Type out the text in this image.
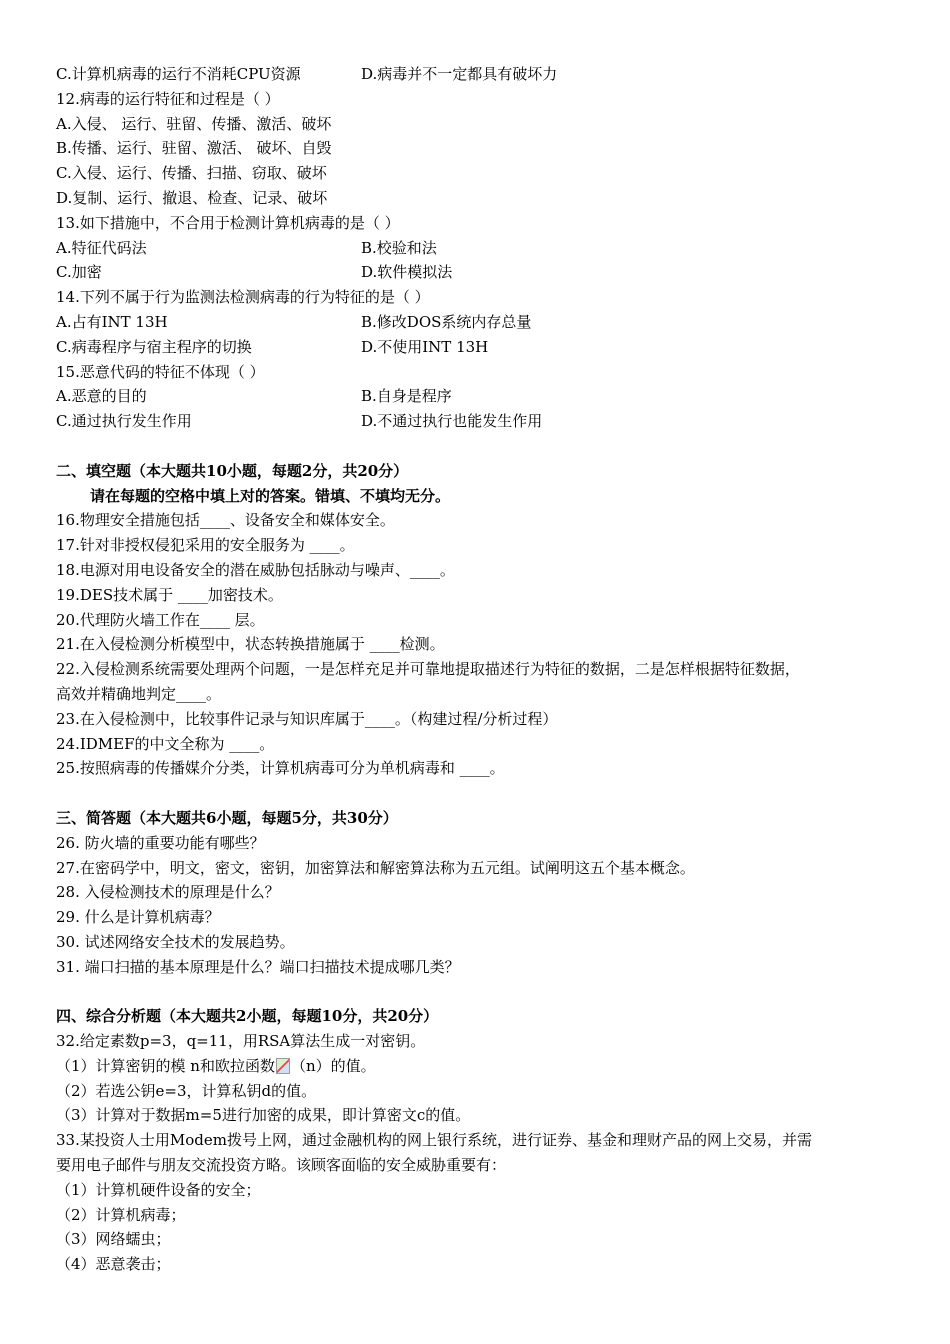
C.计算机病毒的运行不消耗CPU资源	D.病毒并不一定都具有破坏力
12.病毒的运行特征和过程是（ ）
A.入侵、 运行、驻留、传播、激活、破坏
B.传播、运行、驻留、激活、 破坏、自毁
C.入侵、运行、传播、扫描、窃取、破坏
D.复制、运行、撤退、检查、记录、破坏
13.如下措施中，不合用于检测计算机病毒的是（ ）
A.特征代码法	B.校验和法
C.加密	D.软件模拟法
14.下列不属于行为监测法检测病毒的行为特征的是（ ）
A.占有INT 13H	B.修改DOS系统内存总量
C.病毒程序与宿主程序的切换	D.不使用INT 13H
15.恶意代码的特征不体现（ ）
A.恶意的目的	B.自身是程序
C.通过执行发生作用	D.不通过执行也能发生作用
二、填空题（本大题共10小题，每题2分，共20分）
请在每题的空格中填上对的答案。错填、不填均无分。
16.物理安全措施包括____、设备安全和媒体安全。
17.针对非授权侵犯采用的安全服务为 ____。
18.电源对用电设备安全的潜在威胁包括脉动与噪声、____。
19.DES技术属于 ____加密技术。
20.代理防火墙工作在____ 层。
21.在入侵检测分析模型中，状态转换措施属于 ____检测。
22.入侵检测系统需要处理两个问题，一是怎样充足并可靠地提取描述行为特征的数据，二是怎样根据特征数据，
高效并精确地判定____。
23.在入侵检测中，比较事件记录与知识库属于____。（构建过程/分析过程）
24.IDMEF的中文全称为 ____。
25.按照病毒的传播媒介分类，计算机病毒可分为单机病毒和 ____。
三、简答题（本大题共6小题，每题5分，共30分）
26. 防火墙的重要功能有哪些？
27.在密码学中，明文，密文，密钥，加密算法和解密算法称为五元组。试阐明这五个基本概念。
28. 入侵检测技术的原理是什么？
29. 什么是计算机病毒？
30. 试述网络安全技术的发展趋势。
31. 端口扫描的基本原理是什么？端口扫描技术提成哪几类？
四、综合分析题（本大题共2小题，每题10分，共20分）
32.给定素数p=3，q=11，用RSA算法生成一对密钥。
（1）计算密钥的模 n和欧拉函数 （n）的值。
（2）若选公钥e=3，计算私钥d的值。
（3）计算对于数据m=5进行加密的成果，即计算密文c的值。
33.某投资人士用Modem拨号上网，通过金融机构的网上银行系统，进行证券、基金和理财产品的网上交易，并需
要用电子邮件与朋友交流投资方略。该顾客面临的安全威胁重要有：
（1）计算机硬件设备的安全；
（2）计算机病毒；
（3）网络蠕虫；
（4）恶意袭击；
